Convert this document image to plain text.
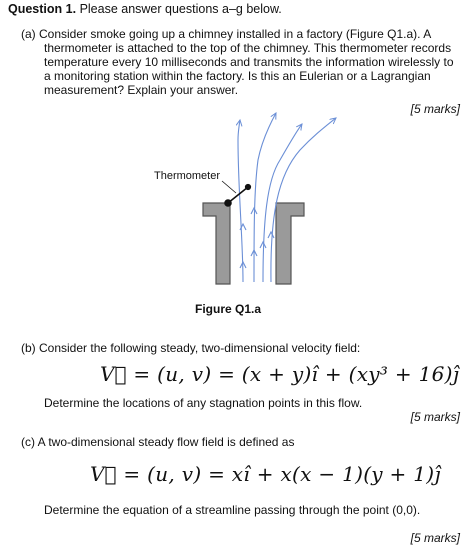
Question 1. Please answer questions a–g below.
(a) Consider smoke going up a chimney installed in a factory (Figure Q1.a). A
thermometer is attached to the top of the chimney. This thermometer records
temperature every 10 milliseconds and transmits the information wirelessly to
a monitoring station within the factory. Is this an Eulerian or a Lagrangian
measurement? Explain your answer.
[5 marks]
Thermometer
Figure Q1.a
(b) Consider the following steady, two-dimensional velocity field:
V⃗ = (u, v) = (x + y)î + (xy³ + 16)ĵ
Determine the locations of any stagnation points in this flow.
[5 marks]
(c) A two-dimensional steady flow field is defined as
V⃗ = (u, v) = xî + x(x − 1)(y + 1)ĵ
Determine the equation of a streamline passing through the point (0,0).
[5 marks]
